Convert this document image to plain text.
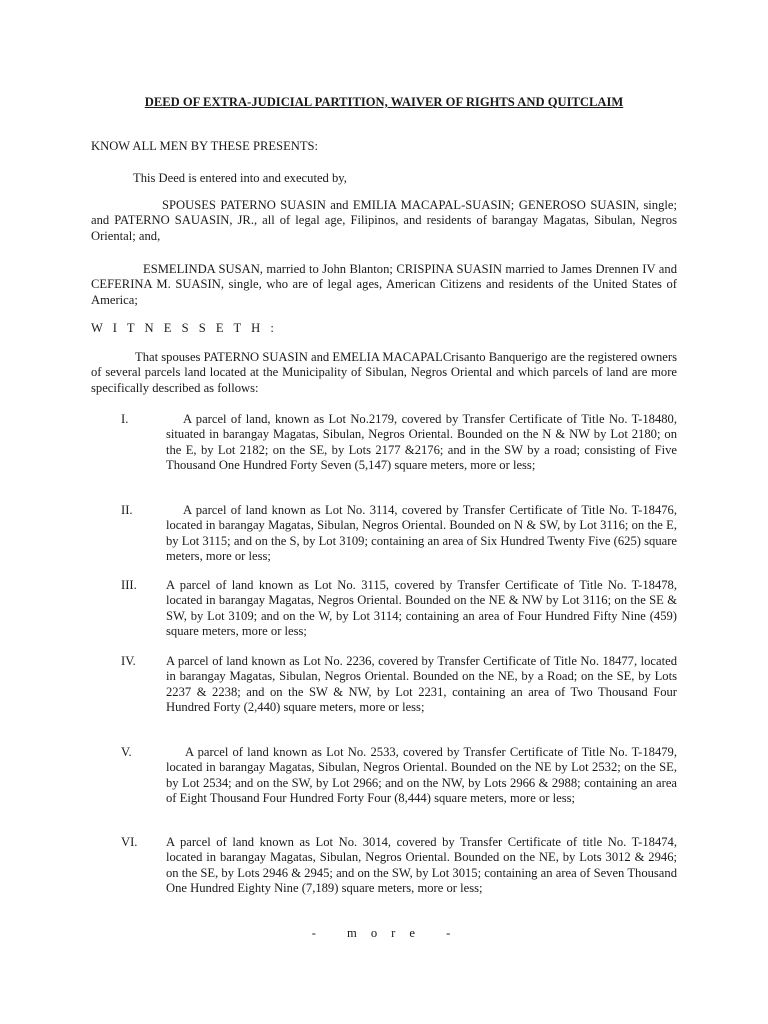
DEED OF EXTRA-JUDICIAL PARTITION, WAIVER OF RIGHTS AND QUITCLAIM

KNOW ALL MEN BY THESE PRESENTS:

This Deed is entered into and executed by,

SPOUSES PATERNO SUASIN and EMILIA MACAPAL-SUASIN; GENEROSO SUASIN, single; and PATERNO SAUASIN, JR., all of legal age, Filipinos, and residents of barangay Magatas, Sibulan, Negros Oriental; and,

ESMELINDA SUSAN, married to John Blanton; CRISPINA SUASIN married to James Drennen IV and CEFERINA M. SUASIN, single, who are of legal ages, American Citizens and residents of the United States of America;

W I T N E S S E T H :

That spouses PATERNO SUASIN and EMELIA MACAPALCrisanto Banquerigo are the registered owners of several parcels land located at the Municipality of Sibulan, Negros Oriental and which parcels of land are more specifically described as follows:

I.	A parcel of land, known as Lot No.2179, covered by Transfer Certificate of Title No. T-18480, situated in barangay Magatas, Sibulan, Negros Oriental. Bounded on the N & NW by Lot 2180; on the E, by Lot 2182; on the SE, by Lots 2177 &2176; and in the SW by a road; consisting of Five Thousand One Hundred Forty Seven (5,147) square meters, more or less;

II.	A parcel of land known as Lot No. 3114, covered by Transfer Certificate of Title No. T-18476, located in barangay Magatas, Sibulan, Negros Oriental. Bounded on N & SW, by Lot 3116; on the E, by Lot 3115; and on the S, by Lot 3109; containing an area of Six Hundred Twenty Five (625) square meters, more or less;

III. A parcel of land known as Lot No. 3115, covered by Transfer Certificate of Title No. T-18478, located in barangay Magatas, Negros Oriental. Bounded on the NE & NW by Lot 3116; on the SE & SW, by Lot 3109; and on the W, by Lot 3114; containing an area of Four Hundred Fifty Nine (459) square meters, more or less;

IV. A parcel of land known as Lot No. 2236, covered by Transfer Certificate of Title No. 18477, located in barangay Magatas, Sibulan, Negros Oriental. Bounded on the NE, by a Road; on the SE, by Lots 2237 & 2238; and on the SW & NW, by Lot 2231, containing an area of Two Thousand Four Hundred Forty (2,440) square meters, more or less;

V.	A parcel of land known as Lot No. 2533, covered by Transfer Certificate of Title No. T-18479, located in barangay Magatas, Sibulan, Negros Oriental. Bounded on the NE by Lot 2532; on the SE, by Lot 2534; and on the SW, by Lot 2966; and on the NW, by Lots 2966 & 2988; containing an area of Eight Thousand Four Hundred Forty Four (8,444) square meters, more or less;

VI. A parcel of land known as Lot No. 3014, covered by Transfer Certificate of title No. T-18474, located in barangay Magatas, Sibulan, Negros Oriental. Bounded on the NE, by Lots 3012 & 2946; on the SE, by Lots 2946 & 2945; and on the SW, by Lot 3015; containing an area of Seven Thousand One Hundred Eighty Nine (7,189) square meters, more or less;

- more -
